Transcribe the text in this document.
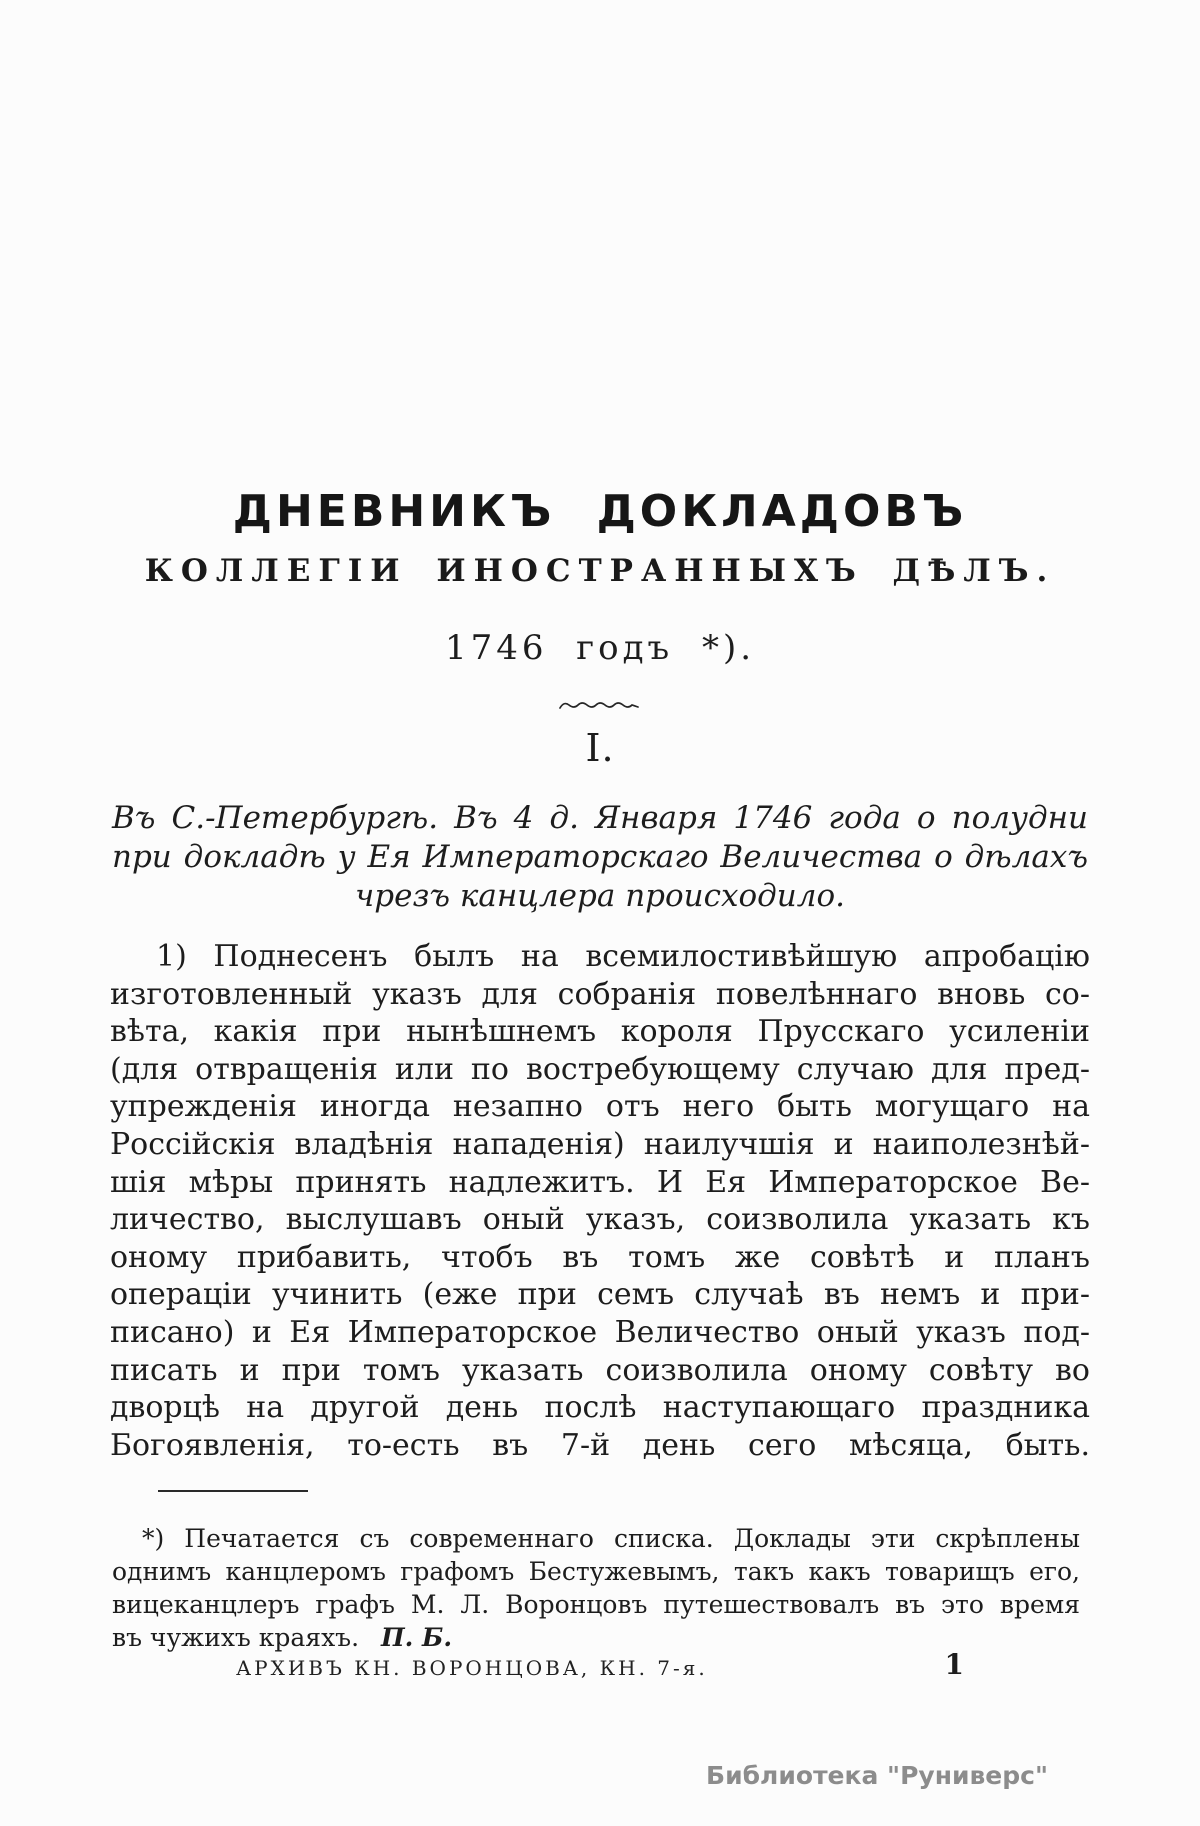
ДНЕВНИКЪ ДОКЛАДОВЪ
КОЛЛЕГІИ ИНОСТРАННЫХЪ ДѢЛЪ.
1746 годъ *).
I.
Въ С.-Петербургѣ. Въ 4 д. Января 1746 года о полудни
при докладѣ у Ея Императорскаго Величества о дѣлахъ
чрезъ канцлера происходило.
1) Поднесенъ былъ на всемилостивѣйшую апробацію
изготовленный указъ для собранія повелѣннаго вновь со-
вѣта, какія при нынѣшнемъ короля Прусскаго усиленіи
(для отвращенія или по востребующему случаю для пред-
упрежденія иногда незапно отъ него быть могущаго на
Россійскія владѣнія нападенія) наилучшія и наиполезнѣй-
шія мѣры принять надлежитъ. И Ея Императорское Ве-
личество, выслушавъ оный указъ, соизволила указать къ
оному прибавить, чтобъ въ томъ же совѣтѣ и планъ
операціи учинить (еже при семъ случаѣ въ немъ и при-
писано) и Ея Императорское Величество оный указъ под-
писать и при томъ указать соизволила оному совѣту во
дворцѣ на другой день послѣ наступающаго праздника
Богоявленія, то-есть въ 7-й день сего мѣсяца, быть.
*) Печатается съ современнаго списка. Доклады эти скрѣплены
однимъ канцлеромъ графомъ Бестужевымъ, такъ какъ товарищъ его,
вицеканцлеръ графъ М. Л. Воронцовъ путешествовалъ въ это время
въ чужихъ краяхъ. П. Б.
АРХИВЪ КН. ВОРОНЦОВА, КН. 7-я.	1
Библиотека "Руниверс"
